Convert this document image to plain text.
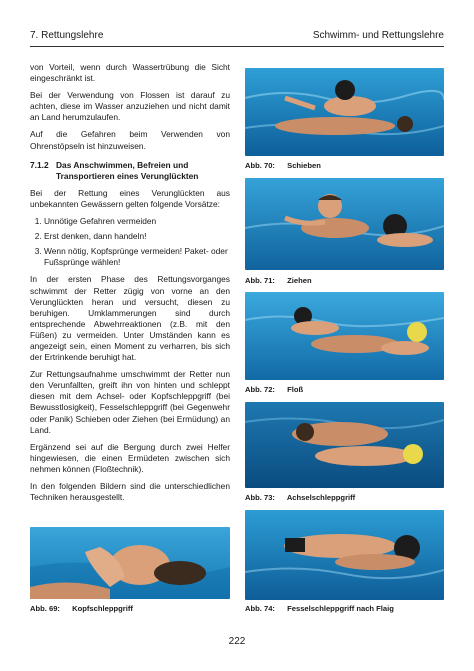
7. Rettungslehre	Schwimm- und Rettungslehre

von Vorteil, wenn durch Wassertrübung die Sicht eingeschränkt ist.

Bei der Verwendung von Flossen ist darauf zu achten, diese im Wasser anzuziehen und nicht damit an Land herumzulaufen.

Auf die Gefahren beim Verwenden von Ohrenstöpseln ist hinzuweisen.

7.1.2 Das Anschwimmen, Befreien und Transportieren eines Verunglückten

Bei der Rettung eines Verunglückten aus unbekannten Gewässern gelten folgende Vorsätze:

1. Unnötige Gefahren vermeiden
2. Erst denken, dann handeln!
3. Wenn nötig, Kopfsprünge vermeiden! Paket- oder Fußsprünge wählen!

In der ersten Phase des Rettungsvorganges schwimmt der Retter zügig von vorne an den Verunglückten heran und versucht, diesen zu beruhigen. Umklammerungen sind durch entsprechende Abwehrreaktionen (z.B. mit den Füßen) zu vermeiden. Unter Umständen kann es angezeigt sein, einen Moment zu verharren, bis sich der Ertrinkende beruhigt hat.

Zur Rettungsaufnahme umschwimmt der Retter nun den Verunfallten, greift ihn von hinten und schleppt diesen mit dem Achsel- oder Kopfschleppgriff (bei Bewusstlosigkeit), Fesselschleppgriff (bei Gegenwehr oder Panik) Schieben oder Ziehen (bei Ermüdung) an Land.

Ergänzend sei auf die Bergung durch zwei Helfer hingewiesen, die einen Ermüdeten zwischen sich nehmen können (Floßtechnik).

In den folgenden Bildern sind die unterschiedlichen Techniken herausgestellt.

Abb. 69: Kopfschleppgriff
Abb. 70: Schieben
Abb. 71: Ziehen
Abb. 72: Floß
Abb. 73: Achselschleppgriff
Abb. 74: Fesselschleppgriff nach Flaig
222
